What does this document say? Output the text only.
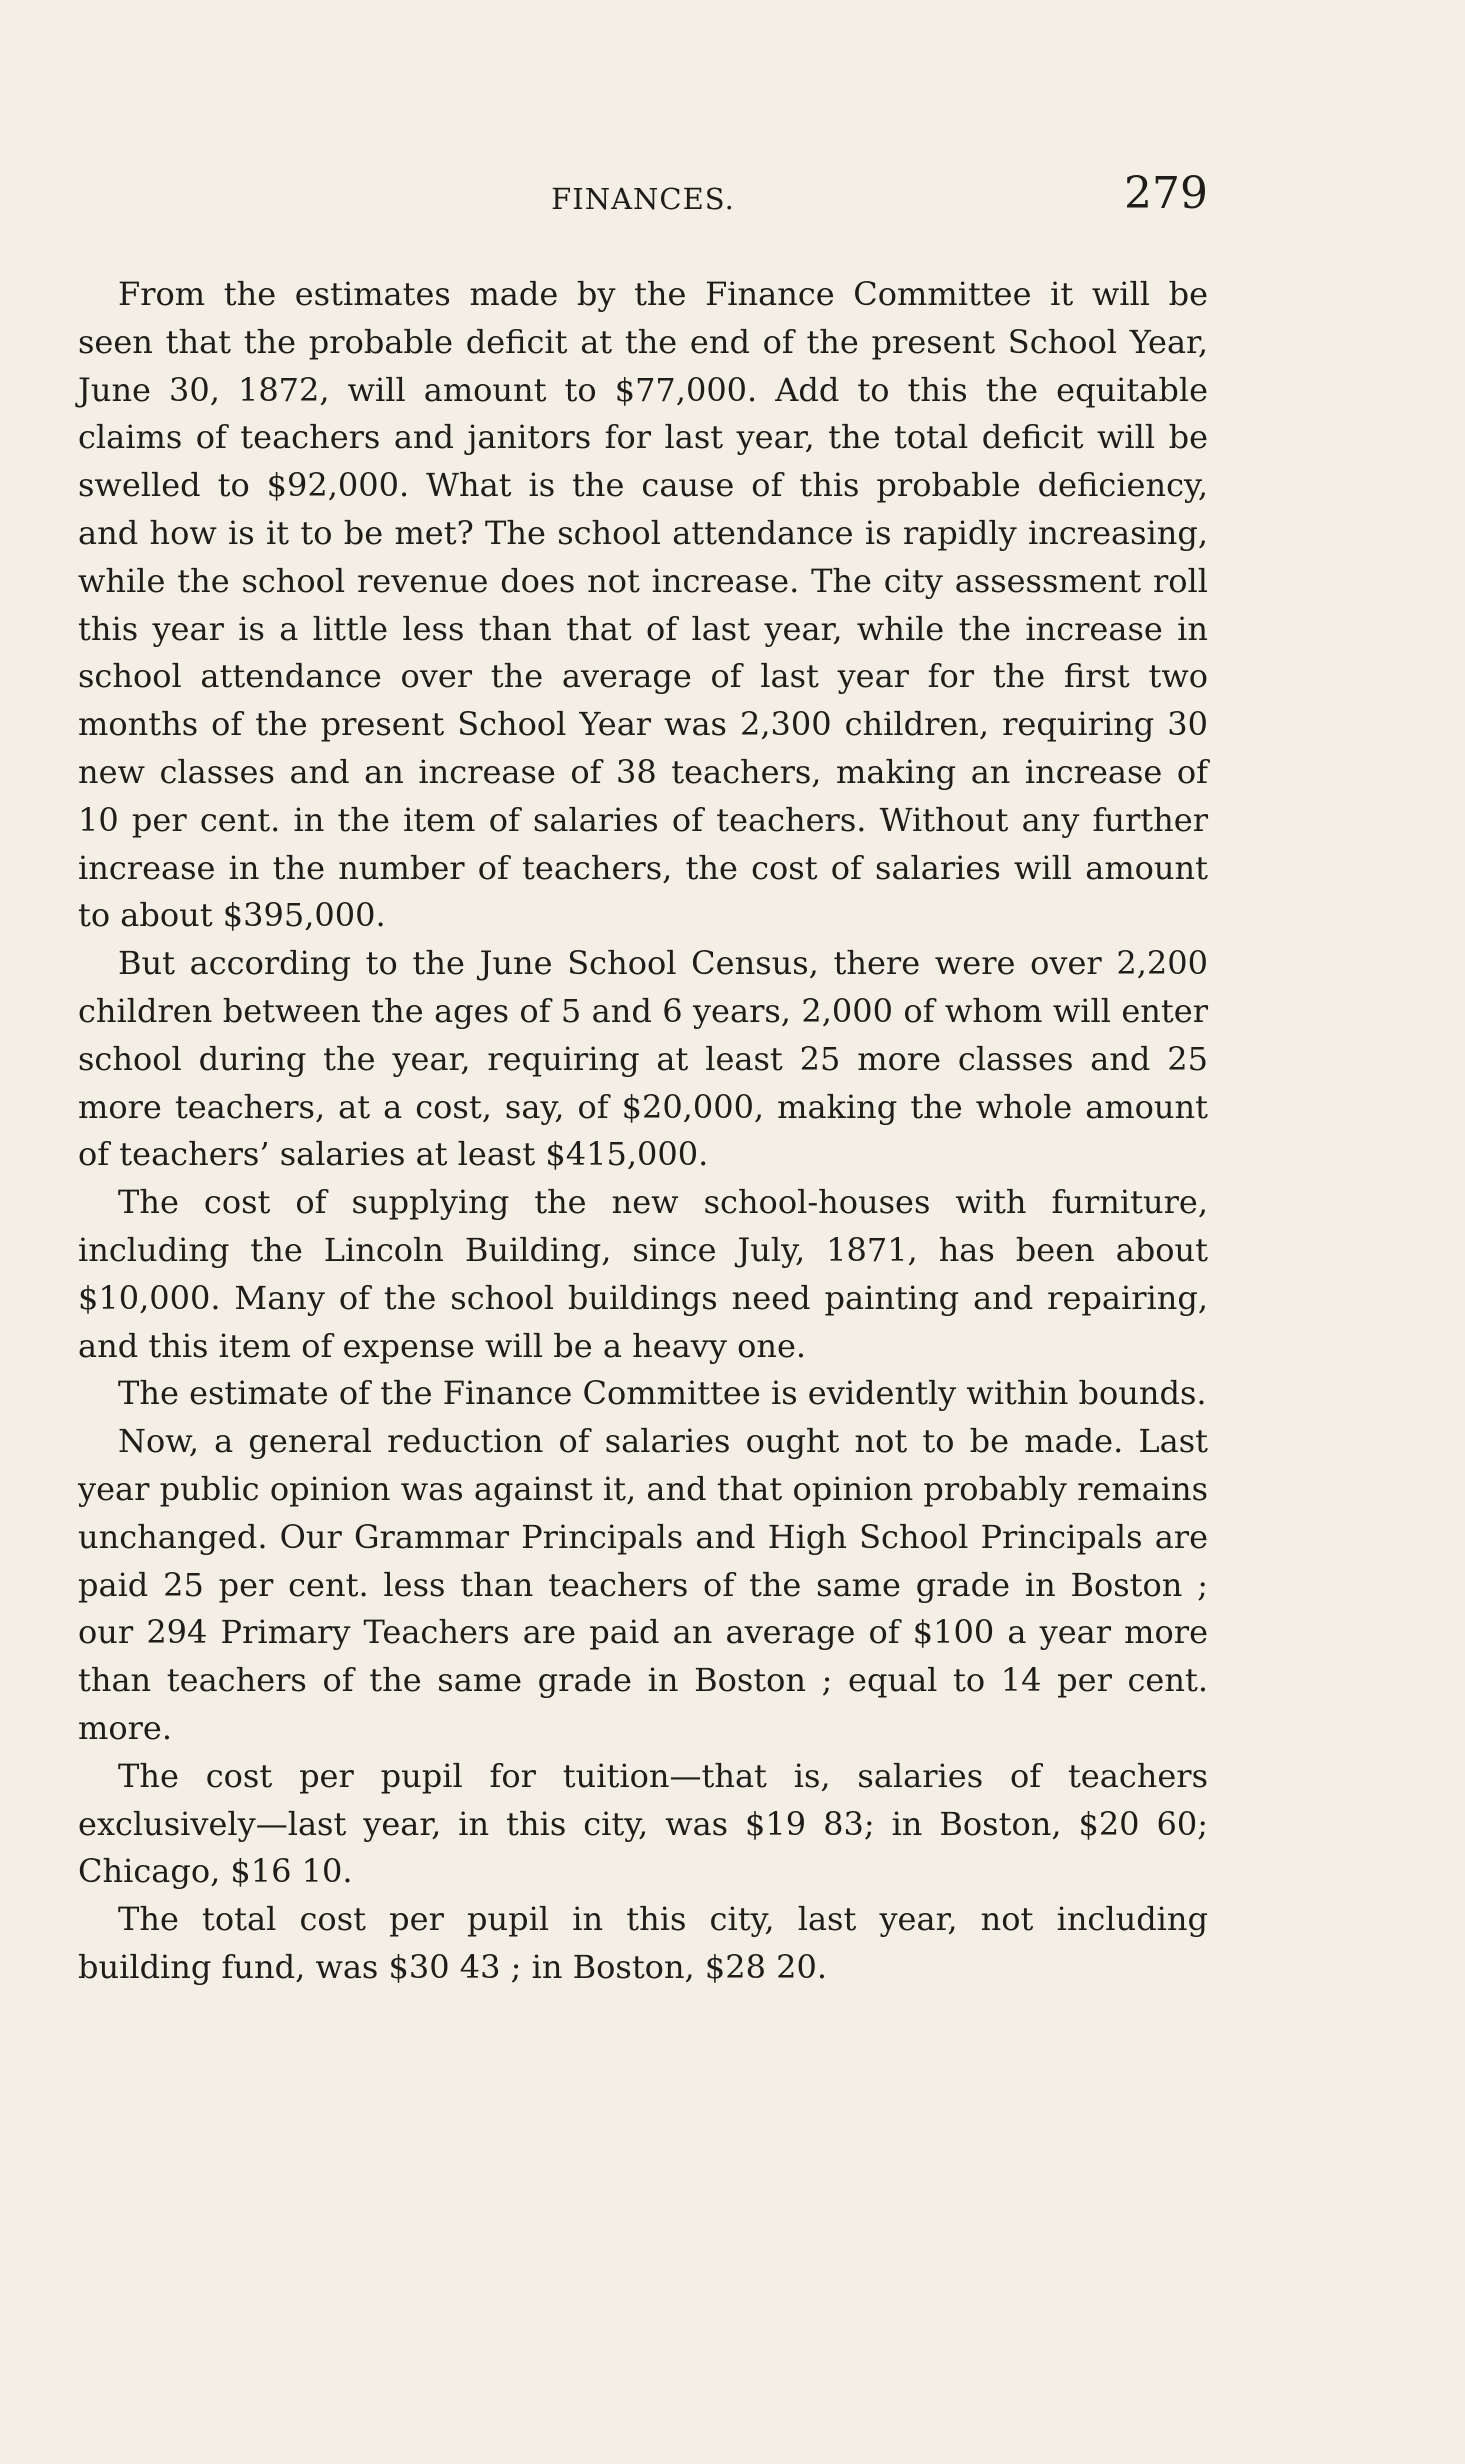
FINANCES.	279

From the estimates made by the Finance Committee it will be seen that the probable deficit at the end of the present School Year, June 30, 1872, will amount to $77,000. Add to this the equitable claims of teachers and janitors for last year, the total deficit will be swelled to $92,000. What is the cause of this probable deficiency, and how is it to be met? The school attendance is rapidly increasing, while the school revenue does not increase. The city assessment roll this year is a little less than that of last year, while the increase in school attendance over the average of last year for the first two months of the present School Year was 2,300 children, requiring 30 new classes and an increase of 38 teachers, making an increase of 10 per cent. in the item of salaries of teachers. Without any further increase in the number of teachers, the cost of salaries will amount to about $395,000.

But according to the June School Census, there were over 2,200 children between the ages of 5 and 6 years, 2,000 of whom will enter school during the year, requiring at least 25 more classes and 25 more teachers, at a cost, say, of $20,000, making the whole amount of teachers’ salaries at least $415,000.

The cost of supplying the new school-houses with furniture, including the Lincoln Building, since July, 1871, has been about $10,000. Many of the school buildings need painting and repairing, and this item of expense will be a heavy one.

The estimate of the Finance Committee is evidently within bounds.

Now, a general reduction of salaries ought not to be made. Last year public opinion was against it, and that opinion probably remains unchanged. Our Grammar Principals and High School Principals are paid 25 per cent. less than teachers of the same grade in Boston ; our 294 Primary Teachers are paid an average of $100 a year more than teachers of the same grade in Boston ; equal to 14 per cent. more.

The cost per pupil for tuition—that is, salaries of teachers exclusively—last year, in this city, was $19 83; in Boston, $20 60; Chicago, $16 10.

The total cost per pupil in this city, last year, not including building fund, was $30 43 ; in Boston, $28 20.
